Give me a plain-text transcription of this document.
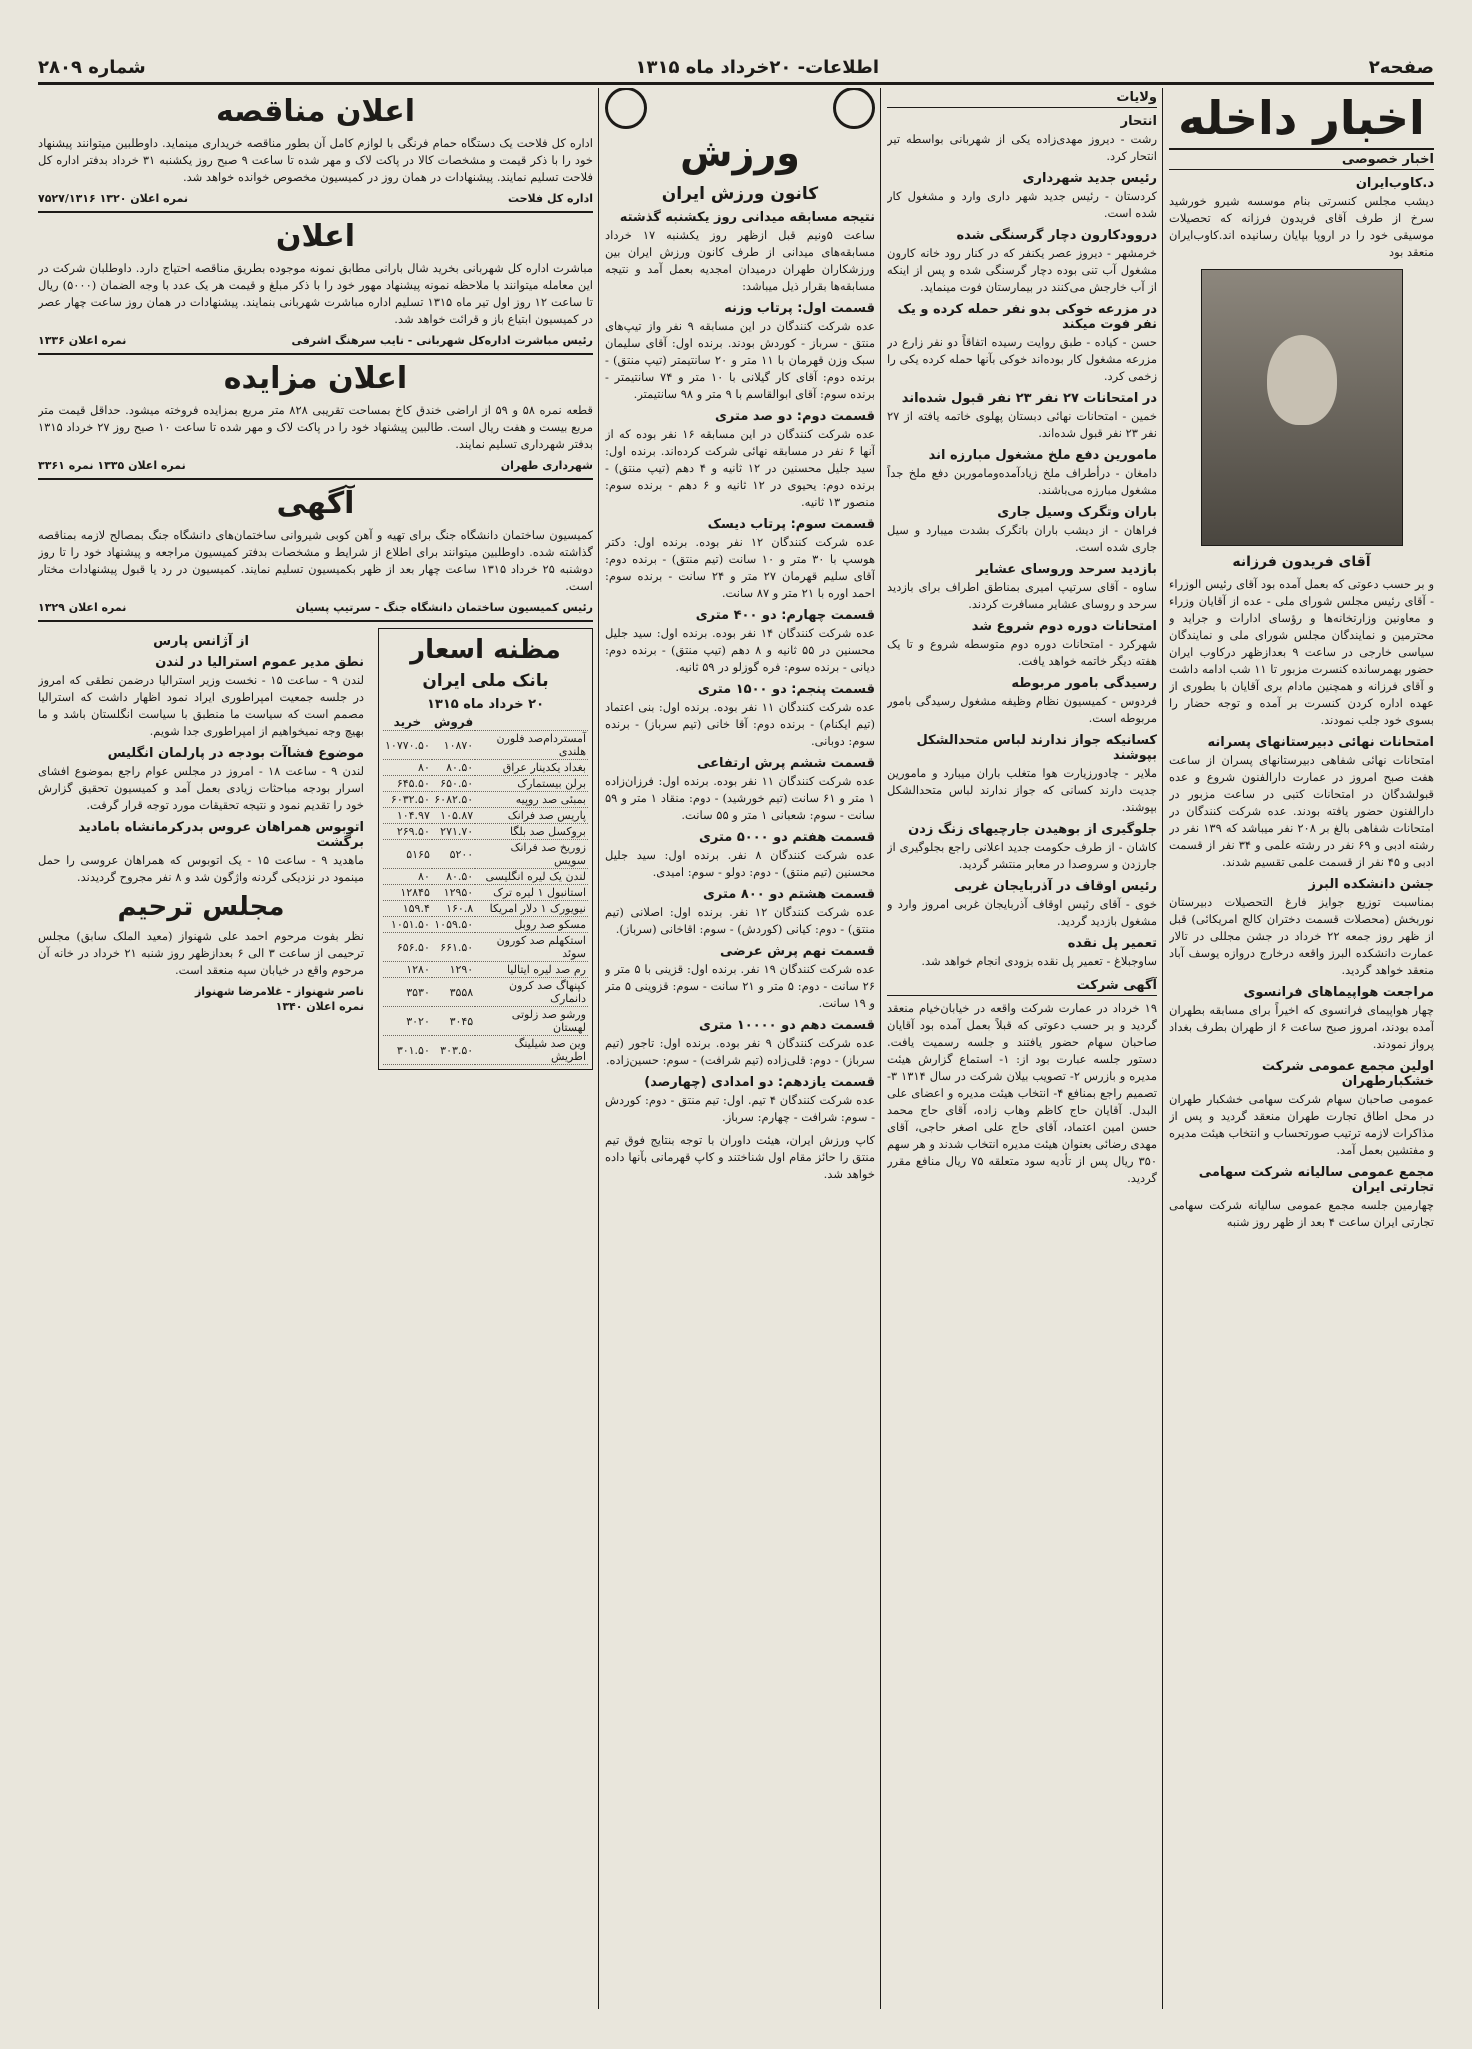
صفحه۲
اطلاعات- ۲۰خرداد ماه ۱۳۱۵
شماره ۲۸۰۹
اخبار داخله
اخبار خصوصی
د.کاوب‌ایران

دیشب مجلس کنسرتی بنام موسسه شیرو خورشید سرخ از طرف آقای فریدون فرزانه که تحصیلات موسیقی خود را در اروپا بپایان رسانیده اند.کاوب‌ایران منعقد بود

آقای فریدون فرزانه

و بر حسب دعوتی که بعمل آمده بود آقای رئیس الوزراء - آقای رئیس مجلس شورای ملی - عده از آقایان وزراء و معاونین وزارتخانه‌ها و رؤسای ادارات و جراید و محترمین و نمایندگان مجلس شورای ملی و نمایندگان سیاسی خارجی در ساعت ۹ بعدازظهر درکاوب ایران حضور بهمرسانده کنسرت مزبور تا ۱۱ شب ادامه داشت و آقای فرزانه و همچنین مادام بری آقایان با بطوری از عهده اداره کردن کنسرت بر آمده و توجه حضار را بسوی خود جلب نمودند.

امتحانات نهائی دبیرستانهای پسرانه

امتحانات نهائی شفاهی دبیرستانهای پسران از ساعت هفت صبح امروز در عمارت دارالفنون شروع و عده قبولشدگان در امتحانات کتبی در ساعت مزبور در دارالفنون حضور یافته بودند. عده شرکت کنندگان در امتحانات شفاهی بالغ بر ۲۰۸ نفر میباشد که ۱۳۹ نفر در رشته ادبی و ۶۹ نفر در رشته علمی و ۳۴ نفر از قسمت ادبی و ۴۵ نفر از قسمت علمی تقسیم شدند.

جشن دانشکده البرز

بمناسبت توزیع جوایز فارغ التحصیلات دبیرستان نوربخش (محصلات قسمت دختران کالج امریکائی) قبل از ظهر روز جمعه ۲۲ خرداد در جشن مجللی در تالار عمارت دانشکده البرز واقعه درخارج دروازه یوسف آباد منعقد خواهد گردید.

مراجعت هواپیماهای فرانسوی

چهار هواپیمای فرانسوی که اخیراً برای مسابقه بطهران آمده بودند، امروز صبح ساعت ۶ از طهران بطرف بغداد پرواز نمودند.

اولین مجمع عمومی شرکت خشکبارطهران

عمومی صاحبان سهام شرکت سهامی خشکبار طهران در محل اطاق تجارت طهران منعقد گردید و پس از مذاکرات لازمه ترتیب صورتحساب و انتخاب هیئت مدیره و مفتشین بعمل آمد.

مجمع عمومی سالیانه شرکت سهامی تجارتی ایران

چهارمین جلسه مجمع عمومی سالیانه شرکت سهامی تجارتی ایران ساعت ۴ بعد از ظهر روز شنبه

ولایات
انتحار

رشت - دیروز مهدی‌زاده یکی از شهربانی بواسطه تیر انتحار کرد.

رئیس جدید شهرداری

کردستان - رئیس جدید شهر داری وارد و مشغول کار شده است.

دروودکارون دچار گرسنگی شده

خرمشهر - دیروز عصر یکنفر که در کنار رود خانه کارون مشغول آب تنی بوده دچار گرسنگی شده و پس از اینکه از آب خارجش می‌کنند در بیمارستان فوت مینماید.

در مزرعه خوکی بدو نفر حمله کرده و یک نفر فوت میکند

حسن - کیاده - طبق روایت رسیده اتفاقاً دو نفر زارع در مزرعه مشغول کار بوده‌اند خوکی بآنها حمله کرده یکی را زخمی کرد.

در امتحانات ۲۷ نفر ۲۳ نفر قبول شده‌اند

خمین - امتحانات نهائی دبستان پهلوی خاتمه یافته از ۲۷ نفر ۲۳ نفر قبول شده‌اند.

مامورین دفع ملخ مشغول مبارزه اند

دامغان - درأطراف ملخ زیادآمده‌وماموربن دفع ملخ جداً مشغول مبارزه می‌باشند.

باران وتگرک وسیل جاری

فراهان - از دیشب باران باتگرک بشدت میبارد و سیل جاری شده است.

بازدید سرحد وروسای عشایر

ساوه - آقای سرتیپ امیری بمناطق اطراف برای بازدید سرحد و روسای عشایر مسافرت کردند.

امتحانات دوره دوم شروع شد

شهرکرد - امتحانات دوره دوم متوسطه شروع و تا یک هفته دیگر خاتمه خواهد یافت.

رسیدگی بامور مربوطه

فردوس - کمیسیون نظام وظیفه مشغول رسیدگی بامور مربوطه است.

کسانیکه جواز ندارند لباس متحدالشکل بپوشند

ملایر - چادورزیارت هوا متغلب باران میبارد و مامورین جدیت دارند کسانی که جواز ندارند لباس متحدالشکل بپوشند.

جلوگیری از بوهیدن جارچیهای زنگ زدن

کاشان - از طرف حکومت جدید اعلانی راجع بجلوگیری از جارزدن و سروصدا در معابر منتشر گردید.

رئیس اوقاف در آذربایجان غربی

خوی - آقای رئیس اوقاف آذربایجان غربی امروز وارد و مشغول بازدید گردید.

تعمیر پل نقده

ساوجبلاغ - تعمیر پل نقده بزودی انجام خواهد شد.

آگهی شرکت

۱۹ خرداد در عمارت شرکت واقعه در خیابان‌خیام منعقد گردید و بر حسب دعوتی که قبلاً بعمل آمده بود آقایان صاحبان سهام حضور یافتند و جلسه رسمیت یافت. دستور جلسه عبارت بود از: ۱- استماع گزارش هیئت مدیره و بازرس ۲- تصویب بیلان شرکت در سال ۱۳۱۴ ۳- تصمیم راجع بمنافع ۴- انتخاب هیئت مدیره و اعضای علی البدل. آقایان حاج کاظم وهاب زاده، آقای حاج محمد حسن امین اعتماد، آقای حاج علی اصغر حاجی، آقای مهدی رضائی بعنوان هیئت مدیره انتخاب شدند و هر سهم ۳۵۰ ریال پس از تأدیه سود متعلقه ۷۵ ریال منافع مقرر گردید.

ورزش
کانون ورزش ایران
نتیجه مسابقه میدانی روز یکشنبه گذشته

ساعت ۵ونیم قبل ازظهر روز یکشنبه ۱۷ خرداد مسابقه‌های میدانی از طرف کانون ورزش ایران بین ورزشکاران طهران درمیدان امجدیه بعمل آمد و نتیجه مسابقه‌ها بقرار ذیل میباشد:

قسمت اول: پرتاب وزنه

عده شرکت کنندگان در این مسابقه ۹ نفر واز تیپ‌های منتق - سرباز - کوردش بودند. برنده اول: آقای سلیمان سبک وزن قهرمان با ۱۱ متر و ۲۰ سانتیمتر (تیپ منتق) - برنده دوم: آقای کار گیلانی با ۱۰ متر و ۷۴ سانتیمتر - برنده سوم: آقای ابوالقاسم با ۹ متر و ۹۸ سانتیمتر.

قسمت دوم: دو صد متری

عده شرکت کنندگان در این مسابقه ۱۶ نفر بوده که از آنها ۶ نفر در مسابقه نهائی شرکت کرده‌اند. برنده اول: سید جلیل محسنین در ۱۲ ثانیه و ۴ دهم (تیپ منتق) - برنده دوم: یحیوی در ۱۲ ثانیه و ۶ دهم - برنده سوم: منصور ۱۳ ثانیه.

قسمت سوم: پرتاب دیسک

عده شرکت کنندگان ۱۲ نفر بوده. برنده اول: دکتر هوسپ با ۳۰ متر و ۱۰ سانت (تیم منتق) - برنده دوم: آقای سلیم قهرمان ۲۷ متر و ۲۴ سانت - برنده سوم: احمد اوره با ۲۱ متر و ۸۷ سانت.

قسمت چهارم: دو ۴۰۰ متری

عده شرکت کنندگان ۱۴ نفر بوده. برنده اول: سید جلیل محسنین در ۵۵ ثانیه و ۸ دهم (تیپ منتق) - برنده دوم: دیانی - برنده سوم: فره گوزلو در ۵۹ ثانیه.

قسمت پنجم: دو ۱۵۰۰ متری

عده شرکت کنندگان ۱۱ نفر بوده. برنده اول: بنی اعتماد (تیم ایکنام) - برنده دوم: آقا خانی (تیم سرباز) - برنده سوم: دوبانی.

قسمت ششم پرش ارتفاعی

عده شرکت کنندگان ۱۱ نفر بوده. برنده اول: فرزان‌زاده ۱ متر و ۶۱ سانت (تیم خورشید) - دوم: منقاد ۱ متر و ۵۹ سانت - سوم: شعبانی ۱ متر و ۵۵ سانت.

قسمت هفتم دو ۵۰۰۰ متری

عده شرکت کنندگان ۸ نفر. برنده اول: سید جلیل محسنین (تیم منتق) - دوم: دولو - سوم: امیدی.

قسمت هشتم دو ۸۰۰ متری

عده شرکت کنندگان ۱۲ نفر. برنده اول: اصلانی (تیم منتق) - دوم: کیانی (کوردش) - سوم: اقاخانی (سرباز).

قسمت نهم پرش عرضی

عده شرکت کنندگان ۱۹ نفر. برنده اول: قزینی با ۵ متر و ۲۶ سانت - دوم: ۵ متر و ۲۱ سانت - سوم: قزوینی ۵ متر و ۱۹ سانت.

قسمت دهم دو ۱۰۰۰۰ متری

عده شرکت کنندگان ۹ نفر بوده. برنده اول: تاجور (تیم سرباز) - دوم: قلی‌زاده (تیم شرافت) - سوم: حسین‌زاده.

قسمت یازدهم: دو امدادی (چهارصد)

عده شرکت کنندگان ۴ تیم. اول: تیم منتق - دوم: کوردش - سوم: شرافت - چهارم: سرباز.

کاپ ورزش ایران، هیئت داوران با توجه بنتایج فوق تیم منتق را حائز مقام اول شناختند و کاپ قهرمانی بآنها داده خواهد شد.

اعلان مناقصه

اداره کل فلاحت یک دستگاه حمام فرنگی با لوازم کامل آن بطور مناقصه خریداری مینماید. داوطلبین میتوانند پیشنهاد خود را با ذکر قیمت و مشخصات کالا در پاکت لاک و مهر شده تا ساعت ۹ صبح روز یکشنبه ۳۱ خرداد بدفتر اداره کل فلاحت تسلیم نمایند. پیشنهادات در همان روز در کمیسیون مخصوص خوانده خواهد شد.

اداره کل فلاحت
نمره اعلان ۱۳۲۰ ۷۵۲۷/۱۳۱۶
اعلان

مباشرت اداره کل شهربانی بخرید شال بارانی مطابق نمونه موجوده بطریق مناقصه احتیاج دارد. داوطلبان شرکت در این معامله میتوانند با ملاحظه نمونه پیشنهاد مهور خود را با ذکر مبلغ و قیمت هر یک عدد با وجه الضمان (۵۰۰۰) ریال تا ساعت ۱۲ روز اول تیر ماه ۱۳۱۵ تسلیم اداره مباشرت شهربانی بنمایند. پیشنهادات در همان روز ساعت چهار عصر در کمیسیون ابتیاع باز و قرائت خواهد شد.

رئیس مباشرت اداره‌کل شهربانی - نایب سرهنگ اشرفی
نمره اعلان ۱۳۳۶
اعلان مزایده

قطعه نمره ۵۸ و ۵۹ از اراضی خندق کاخ بمساحت تقریبی ۸۲۸ متر مربع بمزایده فروخته میشود. حداقل قیمت متر مربع بیست و هفت ریال است. طالبین پیشنهاد خود را در پاکت لاک و مهر شده تا ساعت ۱۰ صبح روز ۲۷ خرداد ۱۳۱۵ بدفتر شهرداری تسلیم نمایند.

شهرداری طهران
نمره اعلان ۱۳۳۵ نمره ۳۳۶۱
آگهی

کمیسیون ساختمان دانشگاه جنگ برای تهیه و آهن کوبی شیروانی ساختمان‌های دانشگاه جنگ بمصالح لازمه بمناقصه گذاشته شده. داوطلبین میتوانند برای اطلاع از شرایط و مشخصات بدفتر کمیسیون مراجعه و پیشنهاد خود را تا روز دوشنبه ۲۵ خرداد ۱۳۱۵ ساعت چهار بعد از ظهر بکمیسیون تسلیم نمایند. کمیسیون در رد یا قبول پیشنهادات مختار است.

رئیس کمیسیون ساختمان دانشگاه جنگ - سرتیپ پسیان
نمره اعلان ۱۳۲۹
مظنه اسعار
بانک ملی ایران
۲۰ خرداد ماه ۱۳۱۵
	فروش	خرید
آمستردام‌صد فلورن هلندی	۱۰۸۷۰	۱۰۷۷۰.۵۰
بغداد یکدینار عراق	۸۰.۵۰	۸۰
برلن بیستمارک	۶۵۰.۵۰	۶۴۵.۵۰
بمبئی صد روپیه	۶۰۸۲.۵۰	۶۰۳۲.۵۰
پاریس صد فرانک	۱۰۵.۸۷	۱۰۴.۹۷
بروکسل صد بلگا	۲۷۱.۷۰	۲۶۹.۵۰
زوریخ صد فرانک سویس	۵۲۰۰	۵۱۶۵
لندن یک لیره انگلیسی	۸۰.۵۰	۸۰
استانبول ۱ لیره ترک	۱۲۹۵۰	۱۲۸۴۵
نیویورک ۱ دلار امریکا	۱۶۰.۸	۱۵۹.۴
مسکو صد روبل	۱۰۵۹.۵۰	۱۰۵۱.۵۰
استکهلم صد کورون سوئد	۶۶۱.۵۰	۶۵۶.۵۰
رم صد لیره ایتالیا	۱۲۹۰	۱۲۸۰
کپنهاگ صد کرون دانمارک	۳۵۵۸	۳۵۳۰
ورشو صد زلوتی لهستان	۳۰۴۵	۳۰۲۰
وین صد شیلینگ اطریش	۳۰۳.۵۰	۳۰۱.۵۰
از آژانس پارس

نطق مدیر عموم استرالیا در لندن

لندن ۹ - ساعت ۱۵ - نخست وزیر استرالیا درضمن نطقی که امروز در جلسه جمعیت امپراطوری ایراد نمود اظهار داشت که استرالیا مصمم است که سیاست ما منطبق با سیاست انگلستان باشد و ما بهیچ وجه نمیخواهیم از امپراطوری جدا شویم.

موضوع فشاآت بودجه در پارلمان انگلیس

لندن ۹ - ساعت ۱۸ - امروز در مجلس عوام راجع بموضوع افشای اسرار بودجه مباحثات زیادی بعمل آمد و کمیسیون تحقیق گزارش خود را تقدیم نمود و نتیجه تحقیقات مورد توجه قرار گرفت.

اتوبوس همراهان عروس بدرکرمانشاه بامادید برگشت

ماهدید ۹ - ساعت ۱۵ - یک اتوبوس که همراهان عروسی را حمل مینمود در نزدیکی گردنه واژگون شد و ۸ نفر مجروح گردیدند.

مجلس ترحیم

نظر بفوت مرحوم احمد علی شهنواز (معید الملک سابق) مجلس ترحیمی از ساعت ۳ الی ۶ بعدازظهر روز شنبه ۲۱ خرداد در خانه آن مرحوم واقع در خیابان سپه منعقد است.

ناصر شهنواز - غلامرضا شهنواز
نمره اعلان ۱۳۴۰
